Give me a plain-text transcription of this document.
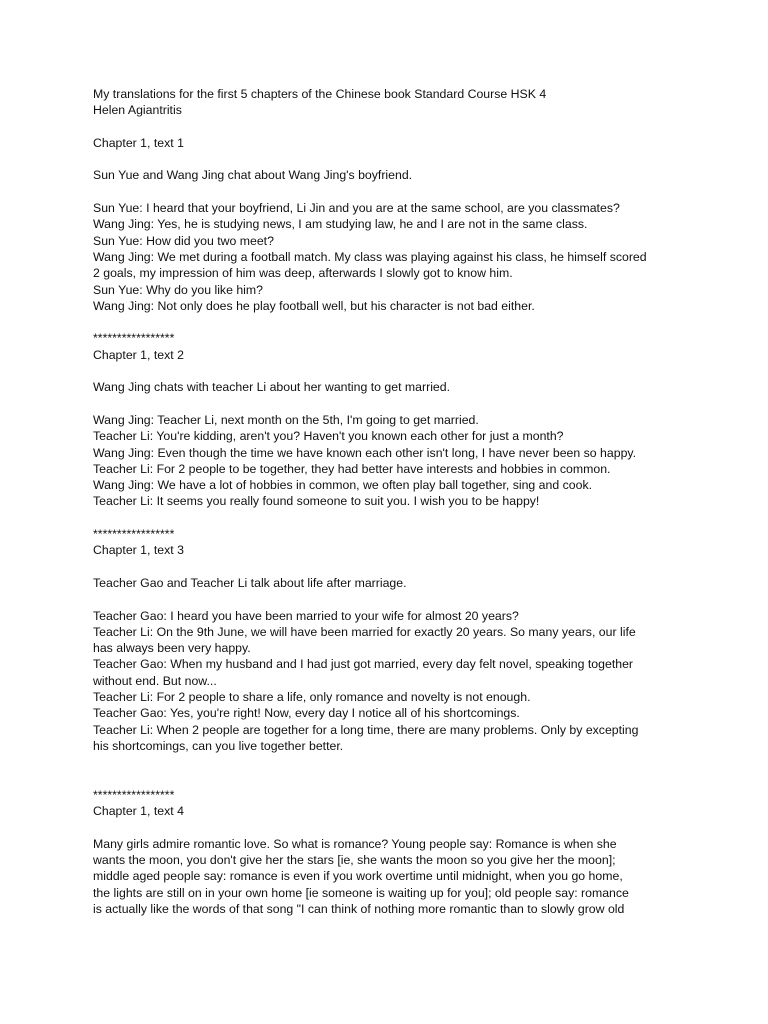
My translations for the first 5 chapters of the Chinese book Standard Course HSK 4
Helen Agiantritis
Chapter 1, text 1
Sun Yue and Wang Jing chat about Wang Jing's boyfriend.
Sun Yue: I heard that your boyfriend, Li Jin and you are at the same school, are you classmates?
Wang Jing: Yes, he is studying news, I am studying law, he and I are not in the same class.
Sun Yue: How did you two meet?
Wang Jing: We met during a football match. My class was playing against his class, he himself scored
2 goals, my impression of him was deep, afterwards I slowly got to know him.
Sun Yue: Why do you like him?
Wang Jing: Not only does he play football well, but his character is not bad either.
*****************
Chapter 1, text 2
Wang Jing chats with teacher Li about her wanting to get married.
Wang Jing: Teacher Li, next month on the 5th, I'm going to get married.
Teacher Li: You're kidding, aren't you? Haven't you known each other for just a month?
Wang Jing: Even though the time we have known each other isn't long, I have never been so happy.
Teacher Li: For 2 people to be together, they had better have interests and hobbies in common.
Wang Jing: We have a lot of hobbies in common, we often play ball together, sing and cook.
Teacher Li: It seems you really found someone to suit you. I wish you to be happy!
*****************
Chapter 1, text 3
Teacher Gao and Teacher Li talk about life after marriage.
Teacher Gao: I heard you have been married to your wife for almost 20 years?
Teacher Li: On the 9th June, we will have been married for exactly 20 years. So many years, our life
has always been very happy.
Teacher Gao: When my husband and I had just got married, every day felt novel, speaking together
without end. But now...
Teacher Li: For 2 people to share a life, only romance and novelty is not enough.
Teacher Gao: Yes, you're right! Now, every day I notice all of his shortcomings.
Teacher Li: When 2 people are together for a long time, there are many problems. Only by excepting
his shortcomings, can you live together better.
*****************
Chapter 1, text 4
Many girls admire romantic love. So what is romance? Young people say: Romance is when she
wants the moon, you don't give her the stars [ie, she wants the moon so you give her the moon];
middle aged people say: romance is even if you work overtime until midnight, when you go home,
the lights are still on in your own home [ie someone is waiting up for you]; old people say: romance
is actually like the words of that song "I can think of nothing more romantic than to slowly grow old
